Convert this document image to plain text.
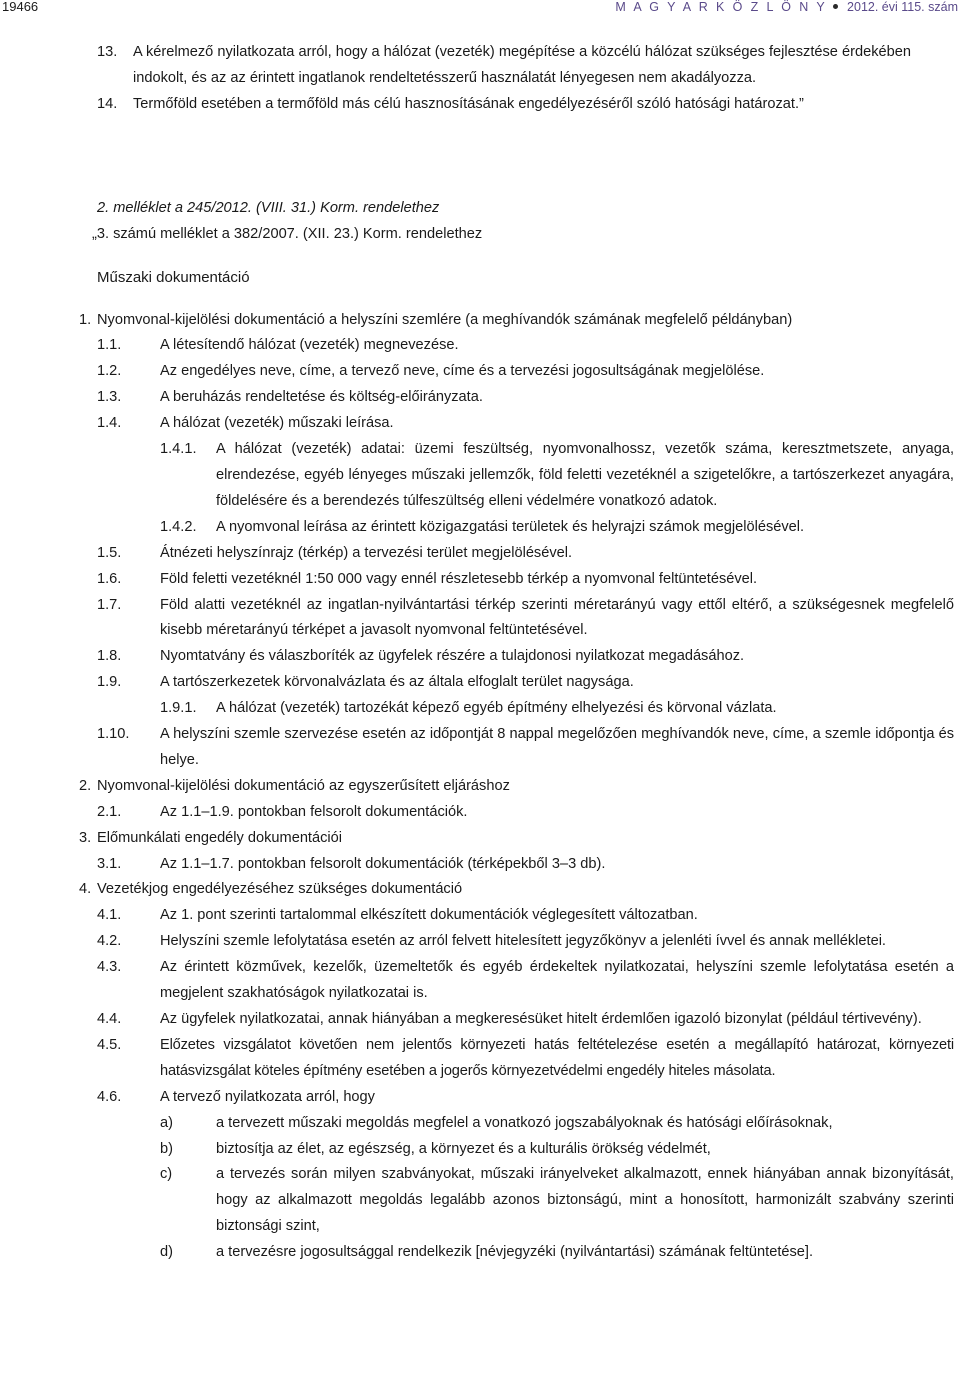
19466	M A G Y A R K Ö Z L Ö N Y 2012. évi 115. szám
13.	A kérelmező nyilatkozata arról, hogy a hálózat (vezeték) megépítése a közcélú hálózat szükséges fejlesztése érdekében indokolt, és az az érintett ingatlanok rendeltetésszerű használatát lényegesen nem akadályozza.
14.	Termőföld esetében a termőföld más célú hasznosításának engedélyezéséről szóló hatósági határozat.”
2. melléklet a 245/2012. (VIII. 31.) Korm. rendelethez
„3. számú melléklet a 382/2007. (XII. 23.) Korm. rendelethez
Műszaki dokumentáció
1. Nyomvonal-kijelölési dokumentáció a helyszíni szemlére (a meghívandók számának megfelelő példányban)
1.1.	A létesítendő hálózat (vezeték) megnevezése.
1.2.	Az engedélyes neve, címe, a tervező neve, címe és a tervezési jogosultságának megjelölése.
1.3.	A beruházás rendeltetése és költség-előirányzata.
1.4.	A hálózat (vezeték) műszaki leírása.
1.4.1.	A hálózat (vezeték) adatai: üzemi feszültség, nyomvonalhossz, vezetők száma, keresztmetszete, anyaga, elrendezése, egyéb lényeges műszaki jellemzők, föld feletti vezetéknél a szigetelőkre, a tartószerkezet anyagára, földelésére és a berendezés túlfeszültség elleni védelmére vonatkozó adatok.
1.4.2.	A nyomvonal leírása az érintett közigazgatási területek és helyrajzi számok megjelölésével.
1.5.	Átnézeti helyszínrajz (térkép) a tervezési terület megjelölésével.
1.6.	Föld feletti vezetéknél 1:50 000 vagy ennél részletesebb térkép a nyomvonal feltüntetésével.
1.7.	Föld alatti vezetéknél az ingatlan-nyilvántartási térkép szerinti méretarányú vagy ettől eltérő, a szükségesnek megfelelő kisebb méretarányú térképet a javasolt nyomvonal feltüntetésével.
1.8.	Nyomtatvány és válaszboríték az ügyfelek részére a tulajdonosi nyilatkozat megadásához.
1.9.	A tartószerkezetek körvonalvázlata és az általa elfoglalt terület nagysága.
1.9.1.	A hálózat (vezeték) tartozékát képező egyéb építmény elhelyezési és körvonal vázlata.
1.10.	A helyszíni szemle szervezése esetén az időpontját 8 nappal megelőzően meghívandók neve, címe, a szemle időpontja és helye.
2. Nyomvonal-kijelölési dokumentáció az egyszerűsített eljáráshoz
2.1.	Az 1.1–1.9. pontokban felsorolt dokumentációk.
3. Előmunkálati engedély dokumentációi
3.1.	Az 1.1–1.7. pontokban felsorolt dokumentációk (térképekből 3–3 db).
4. Vezetékjog engedélyezéséhez szükséges dokumentáció
4.1.	Az 1. pont szerinti tartalommal elkészített dokumentációk véglegesített változatban.
4.2.	Helyszíni szemle lefolytatása esetén az arról felvett hitelesített jegyzőkönyv a jelenléti ívvel és annak mellékletei.
4.3.	Az érintett közművek, kezelők, üzemeltetők és egyéb érdekeltek nyilatkozatai, helyszíni szemle lefolytatása esetén a megjelent szakhatóságok nyilatkozatai is.
4.4.	Az ügyfelek nyilatkozatai, annak hiányában a megkeresésüket hitelt érdemlően igazoló bizonylat (például tértivevény).
4.5.	Előzetes vizsgálatot követően nem jelentős környezeti hatás feltételezése esetén a megállapító határozat, környezeti hatásvizsgálat köteles építmény esetében a jogerős környezetvédelmi engedély hiteles másolata.
4.6.	A tervező nyilatkozata arról, hogy
a)	a tervezett műszaki megoldás megfelel a vonatkozó jogszabályoknak és hatósági előírásoknak,
b)	biztosítja az élet, az egészség, a környezet és a kulturális örökség védelmét,
c)	a tervezés során milyen szabványokat, műszaki irányelveket alkalmazott, ennek hiányában annak bizonyítását, hogy az alkalmazott megoldás legalább azonos biztonságú, mint a honosított, harmonizált szabvány szerinti biztonsági szint,
d)	a tervezésre jogosultsággal rendelkezik [névjegyzéki (nyilvántartási) számának feltüntetése].
